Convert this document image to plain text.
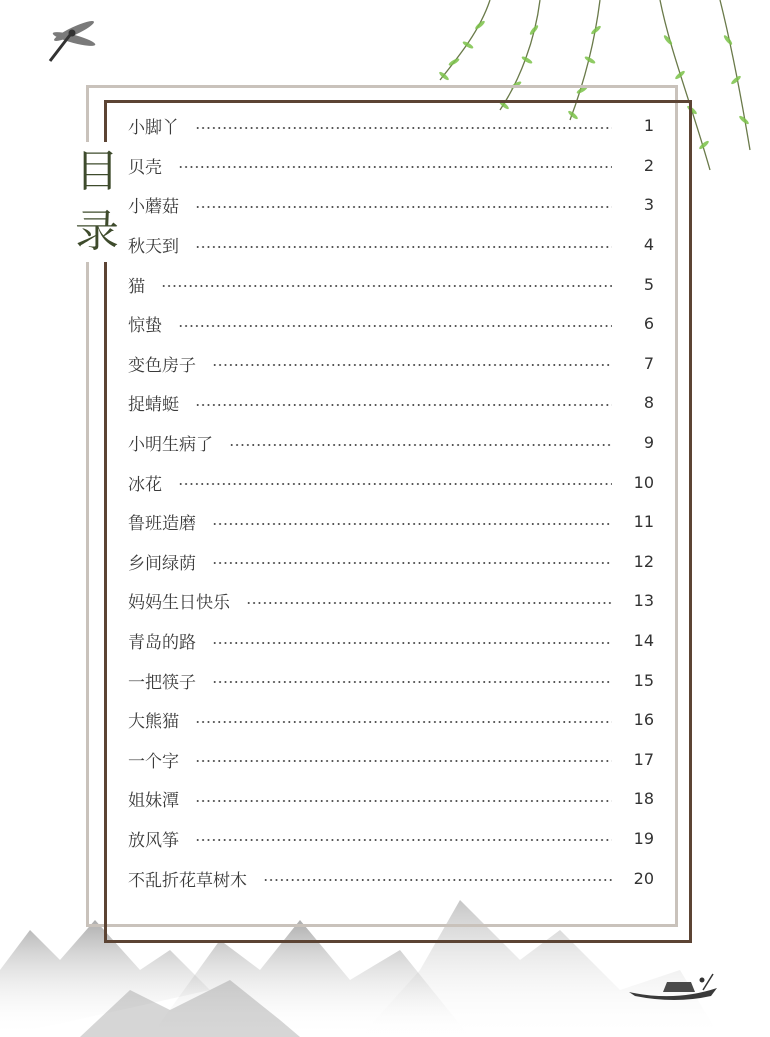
目
录
小脚丫	1
贝壳	2
小蘑菇	3
秋天到	4
猫	5
惊蛰	6
变色房子	7
捉蜻蜓	8
小明生病了	9
冰花	10
鲁班造磨	11
乡间绿荫	12
妈妈生日快乐	13
青岛的路	14
一把筷子	15
大熊猫	16
一个字	17
姐妹潭	18
放风筝	19
不乱折花草树木	20
